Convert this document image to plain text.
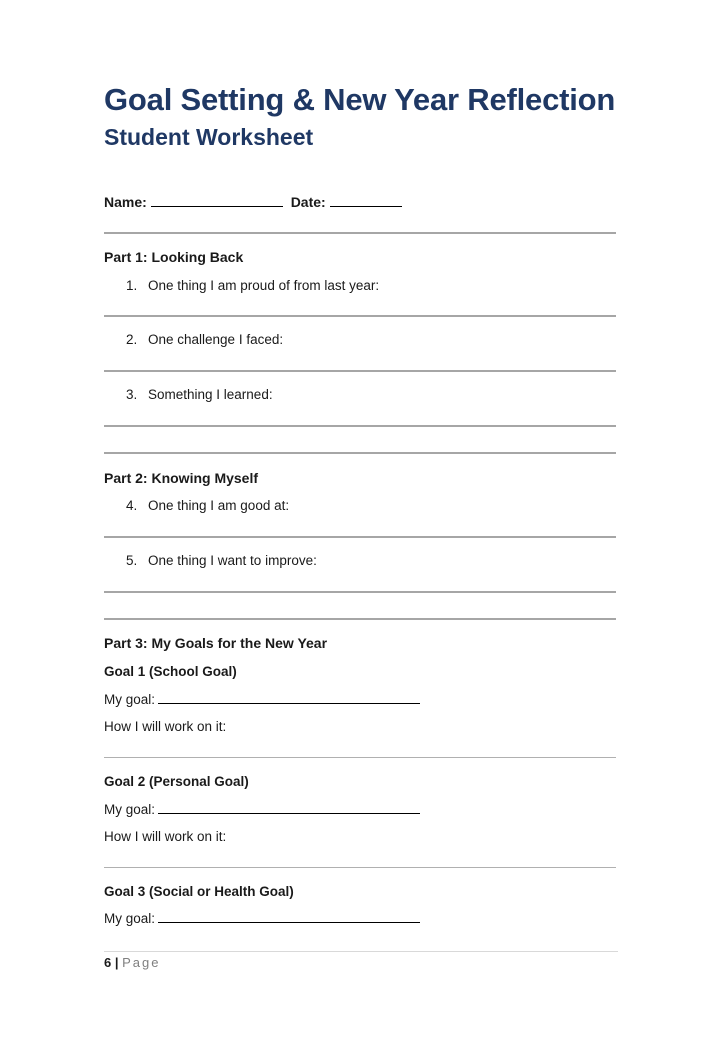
Goal Setting & New Year Reflection
Student Worksheet
Name:	Date:
Part 1: Looking Back
1. One thing I am proud of from last year:
2. One challenge I faced:
3. Something I learned:
Part 2: Knowing Myself
4. One thing I am good at:
5. One thing I want to improve:
Part 3: My Goals for the New Year
Goal 1 (School Goal)
My goal:
How I will work on it:
Goal 2 (Personal Goal)
My goal:
How I will work on it:
Goal 3 (Social or Health Goal)
My goal:
6 | Page
